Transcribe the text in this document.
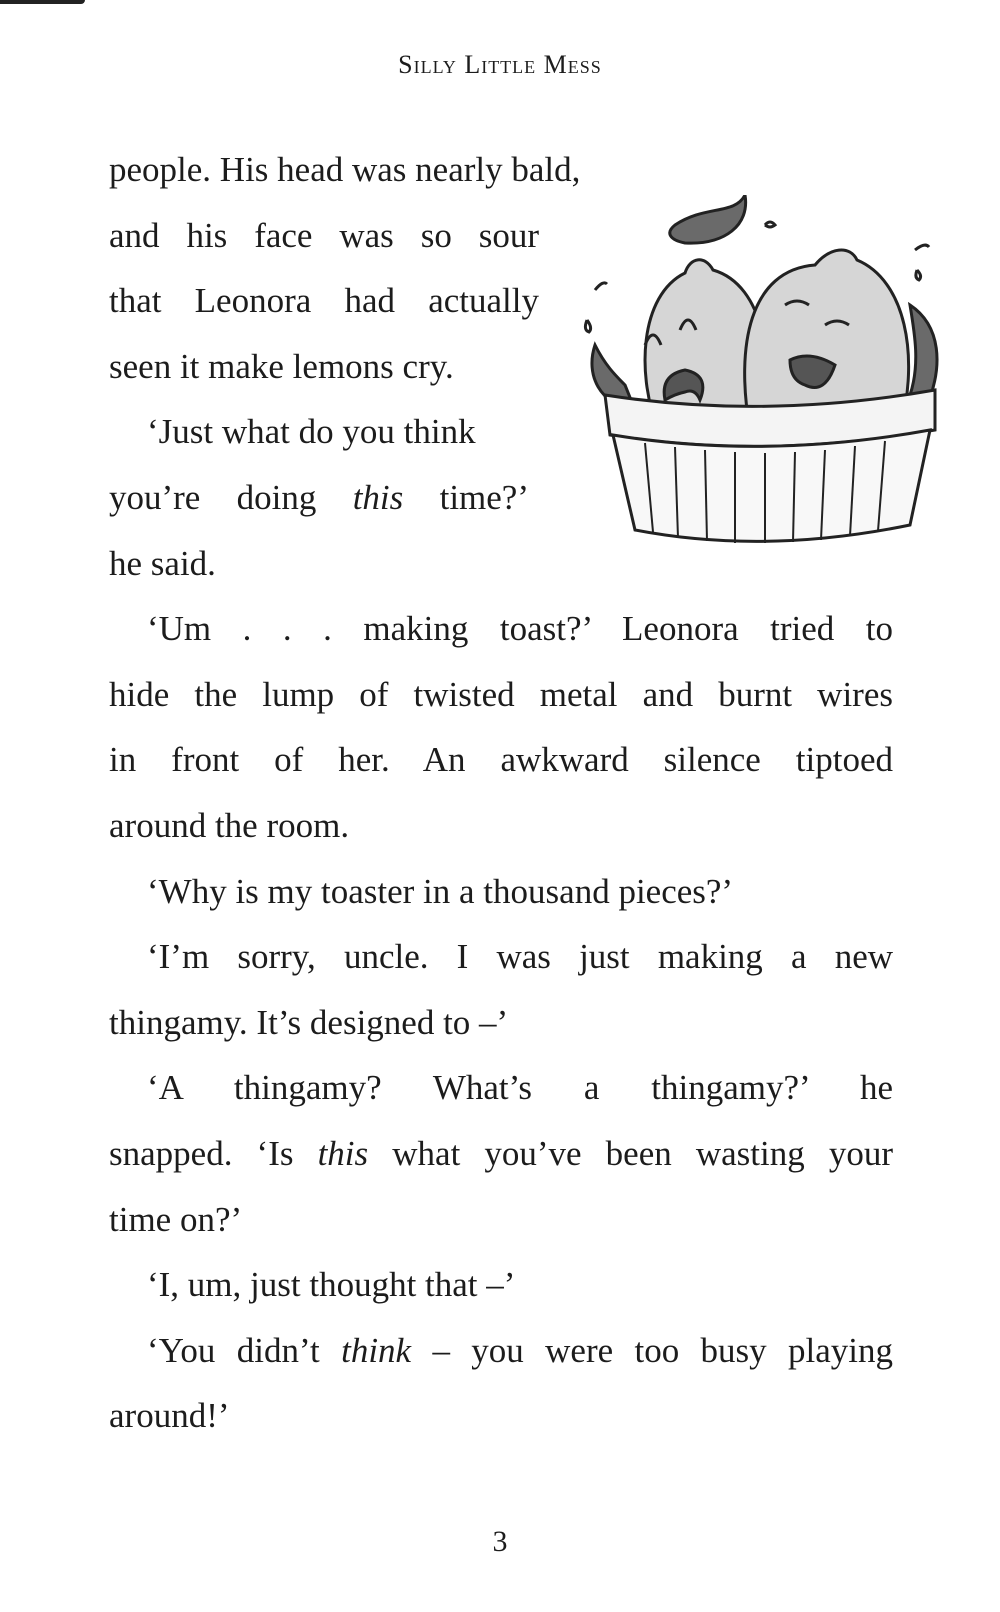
Silly Little Mess
people. His head was nearly bald,
and his face was so sour
that Leonora had actually
seen it make lemons cry.
‘Just what do you think
you’re doing this time?’
he said.
‘Um . . . making toast?’ Leonora tried to
hide the lump of twisted metal and burnt wires
in front of her. An awkward silence tiptoed
around the room.
‘Why is my toaster in a thousand pieces?’
‘I’m sorry, uncle. I was just making a new
thingamy. It’s designed to –’
‘A thingamy? What’s a thingamy?’ he
snapped. ‘Is this what you’ve been wasting your
time on?’
‘I, um, just thought that –’
‘You didn’t think – you were too busy playing
around!’
3
